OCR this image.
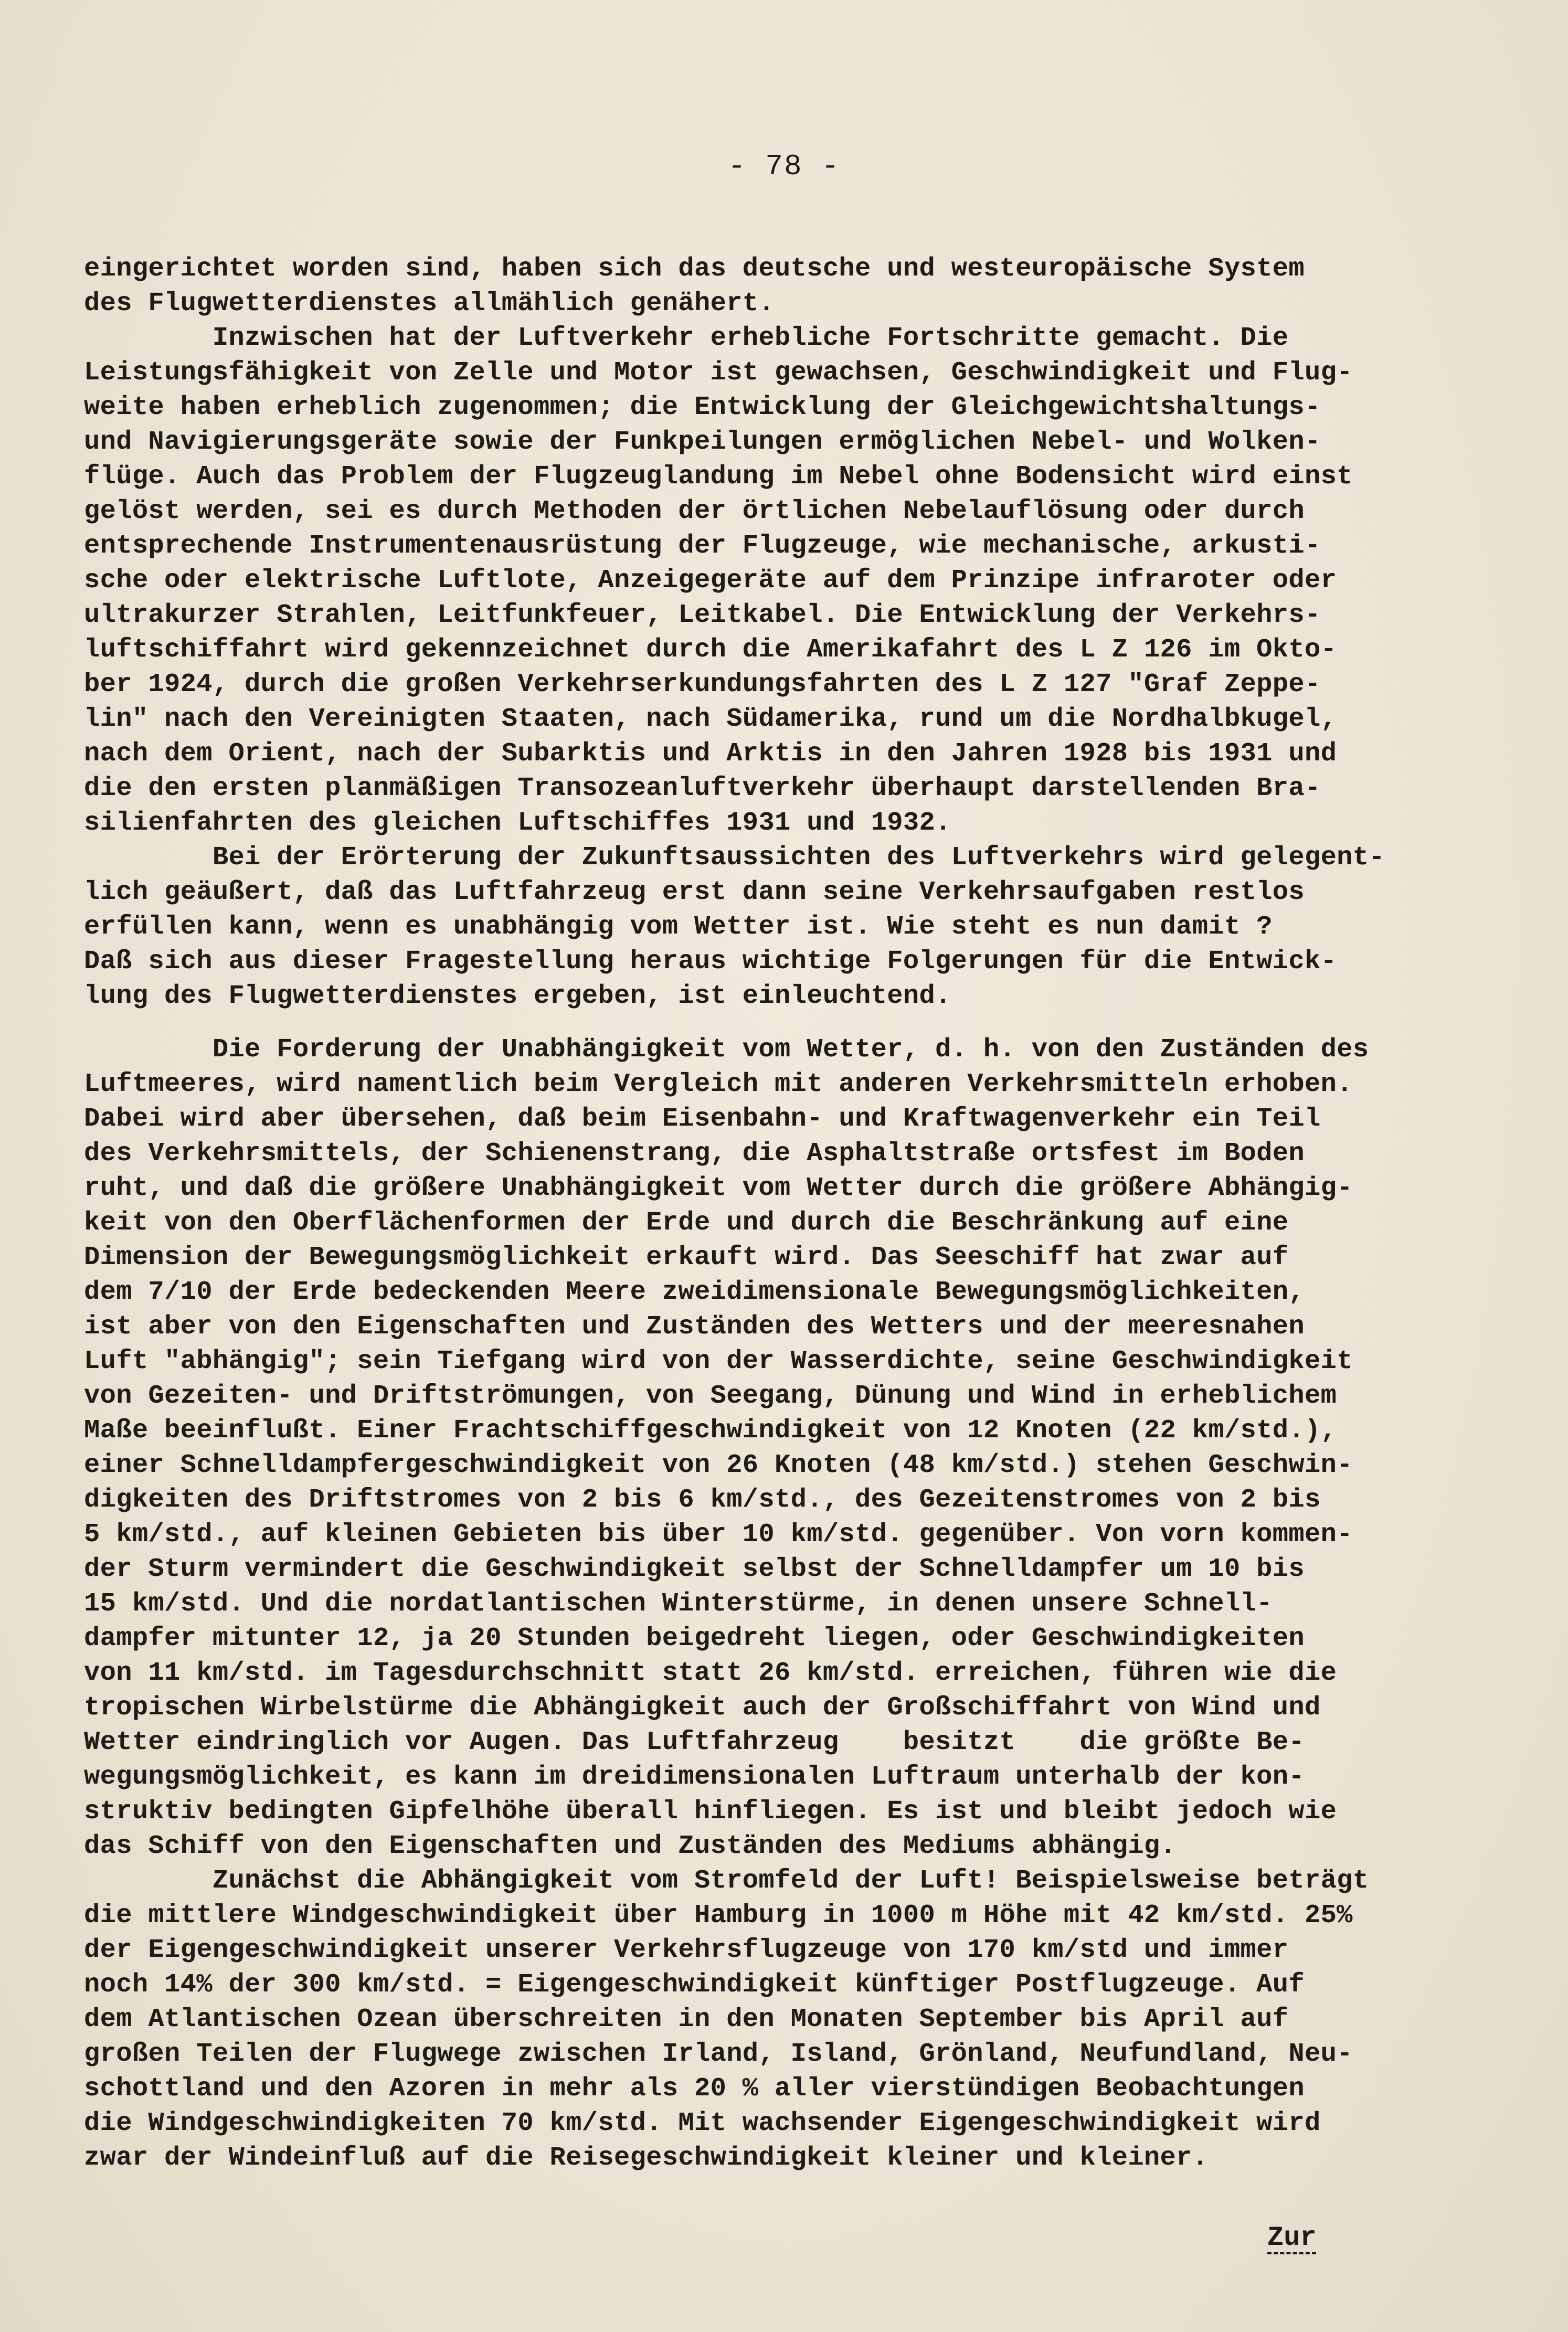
- 78 -
eingerichtet worden sind, haben sich das deutsche und westeuropäische System
des Flugwetterdienstes allmählich genähert.
Inzwischen hat der Luftverkehr erhebliche Fortschritte gemacht. Die
Leistungsfähigkeit von Zelle und Motor ist gewachsen, Geschwindigkeit und Flug-
weite haben erheblich zugenommen; die Entwicklung der Gleichgewichtshaltungs-
und Navigierungsgeräte sowie der Funkpeilungen ermöglichen Nebel- und Wolken-
flüge. Auch das Problem der Flugzeuglandung im Nebel ohne Bodensicht wird einst
gelöst werden, sei es durch Methoden der örtlichen Nebelauflösung oder durch
entsprechende Instrumentenausrüstung der Flugzeuge, wie mechanische, arkusti-
sche oder elektrische Luftlote, Anzeigegeräte auf dem Prinzipe infraroter oder
ultrakurzer Strahlen, Leitfunkfeuer, Leitkabel. Die Entwicklung der Verkehrs-
luftschiffahrt wird gekennzeichnet durch die Amerikafahrt des L Z 126 im Okto-
ber 1924, durch die großen Verkehrserkundungsfahrten des L Z 127 "Graf Zeppe-
lin" nach den Vereinigten Staaten, nach Südamerika, rund um die Nordhalbkugel,
nach dem Orient, nach der Subarktis und Arktis in den Jahren 1928 bis 1931 und
die den ersten planmäßigen Transozeanluftverkehr überhaupt darstellenden Bra-
silienfahrten des gleichen Luftschiffes 1931 und 1932.
Bei der Erörterung der Zukunftsaussichten des Luftverkehrs wird gelegent-
lich geäußert, daß das Luftfahrzeug erst dann seine Verkehrsaufgaben restlos
erfüllen kann, wenn es unabhängig vom Wetter ist. Wie steht es nun damit ?
Daß sich aus dieser Fragestellung heraus wichtige Folgerungen für die Entwick-
lung des Flugwetterdienstes ergeben, ist einleuchtend.
Die Forderung der Unabhängigkeit vom Wetter, d. h. von den Zuständen des
Luftmeeres, wird namentlich beim Vergleich mit anderen Verkehrsmitteln erhoben.
Dabei wird aber übersehen, daß beim Eisenbahn- und Kraftwagenverkehr ein Teil
des Verkehrsmittels, der Schienenstrang, die Asphaltstraße ortsfest im Boden
ruht, und daß die größere Unabhängigkeit vom Wetter durch die größere Abhängig-
keit von den Oberflächenformen der Erde und durch die Beschränkung auf eine
Dimension der Bewegungsmöglichkeit erkauft wird. Das Seeschiff hat zwar auf
dem 7/10 der Erde bedeckenden Meere zweidimensionale Bewegungsmöglichkeiten,
ist aber von den Eigenschaften und Zuständen des Wetters und der meeresnahen
Luft "abhängig"; sein Tiefgang wird von der Wasserdichte, seine Geschwindigkeit
von Gezeiten- und Driftströmungen, von Seegang, Dünung und Wind in erheblichem
Maße beeinflußt. Einer Frachtschiffgeschwindigkeit von 12 Knoten (22 km/std.),
einer Schnelldampfergeschwindigkeit von 26 Knoten (48 km/std.) stehen Geschwin-
digkeiten des Driftstromes von 2 bis 6 km/std., des Gezeitenstromes von 2 bis
5 km/std., auf kleinen Gebieten bis über 10 km/std. gegenüber. Von vorn kommen-
der Sturm vermindert die Geschwindigkeit selbst der Schnelldampfer um 10 bis
15 km/std. Und die nordatlantischen Winterstürme, in denen unsere Schnell-
dampfer mitunter 12, ja 20 Stunden beigedreht liegen, oder Geschwindigkeiten
von 11 km/std. im Tagesdurchschnitt statt 26 km/std. erreichen, führen wie die
tropischen Wirbelstürme die Abhängigkeit auch der Großschiffahrt von Wind und
Wetter eindringlich vor Augen. Das Luftfahrzeug    besitzt    die größte Be-
wegungsmöglichkeit, es kann im dreidimensionalen Luftraum unterhalb der kon-
struktiv bedingten Gipfelhöhe überall hinfliegen. Es ist und bleibt jedoch wie
das Schiff von den Eigenschaften und Zuständen des Mediums abhängig.
Zunächst die Abhängigkeit vom Stromfeld der Luft! Beispielsweise beträgt
die mittlere Windgeschwindigkeit über Hamburg in 1000 m Höhe mit 42 km/std. 25%
der Eigengeschwindigkeit unserer Verkehrsflugzeuge von 170 km/std und immer
noch 14% der 300 km/std. = Eigengeschwindigkeit künftiger Postflugzeuge. Auf
dem Atlantischen Ozean überschreiten in den Monaten September bis April auf
großen Teilen der Flugwege zwischen Irland, Island, Grönland, Neufundland, Neu-
schottland und den Azoren in mehr als 20 % aller vierstündigen Beobachtungen
die Windgeschwindigkeiten 70 km/std. Mit wachsender Eigengeschwindigkeit wird
zwar der Windeinfluß auf die Reisegeschwindigkeit kleiner und kleiner.
Zur
